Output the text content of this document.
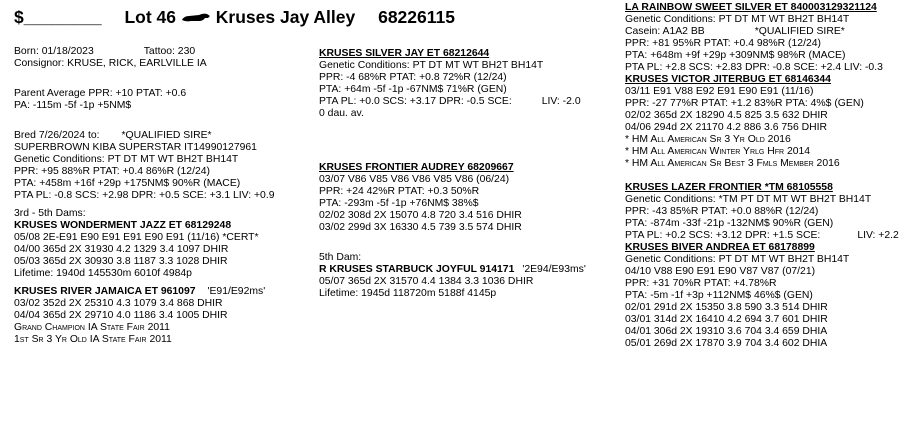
$________ Lot 46 Kruses Jay Alley 68226115

Born: 01/18/2023	Tattoo: 230

Consignor: KRUSE, RICK, EARLVILLE IA

Parent Average PPR: +10 PTAT: +0.6

PA: -115m -5f -1p +5NM$

Bred 7/26/2024 to: *QUALIFIED SIRE*

SUPERBROWN KIBA SUPERSTAR IT14990127961

Genetic Conditions: PT DT MT WT BH2T BH14T

PPR: +95 88%R PTAT: +0.4 86%R (12/24)

PTA: +458m +16f +29p +175NM$ 90%R (MACE)

PTA PL: -0.8 SCS: +2.98 DPR: +0.5 SCE: +3.1 LIV: +0.9

3rd - 5th Dams:

KRUSES WONDERMENT JAZZ ET 68129248

05/08 2E-E91 E90 E91 E91 E90 E91 (11/16) *CERT*

04/00 365d 2X 31930 4.2 1329 3.4 1097 DHIR

05/03 365d 2X 30930 3.8 1187 3.3 1028 DHIR

Lifetime: 1940d 145530m 6010f 4984p

KRUSES RIVER JAMAICA ET 961097 'E91/E92ms'

03/02 352d 2X 25310 4.3 1079 3.4 868 DHIR

04/04 365d 2X 29710 4.0 1186 3.4 1005 DHIR

Grand Champion IA State Fair 2011

1st Sr 3 Yr Old IA State Fair 2011

KRUSES SILVER JAY ET 68212644

Genetic Conditions: PT DT MT WT BH2T BH14T

PPR: -4 68%R PTAT: +0.8 72%R (12/24)

PTA: +64m -5f -1p -67NM$ 71%R (GEN)

PTA PL: +0.0 SCS: +3.17 DPR: -0.5 SCE:	LIV: -2.0

0 dau. av.

KRUSES FRONTIER AUDREY 68209667

03/07 V86 V85 V86 V86 V85 V86 (06/24)

PPR: +24 42%R PTAT: +0.3 50%R

PTA: -293m -5f -1p +76NM$ 38%$

02/02 308d 2X 15070 4.8 720 3.4 516 DHIR

03/02 299d 3X 16330 4.5 739 3.5 574 DHIR

5th Dam:

R KRUSES STARBUCK JOYFUL 914171 '2E94/E93ms'

05/07 365d 2X 31570 4.4 1384 3.3 1036 DHIR

Lifetime: 1945d 118720m 5188f 4145p

LA RAINBOW SWEET SILVER ET 840003129321124

Genetic Conditions: PT DT MT WT BH2T BH14T

Casein: A1A2 BB	*QUALIFIED SIRE*

PPR: +81 95%R PTAT: +0.4 98%R (12/24)

PTA: +648m +9f +29p +309NM$ 98%R (MACE)

PTA PL: +2.8 SCS: +2.83 DPR: -0.8 SCE: +2.4 LIV: -0.3

KRUSES VICTOR JITERBUG ET 68146344

03/11 E91 V88 E92 E91 E90 E91 (11/16)

PPR: -27 77%R PTAT: +1.2 83%R PTA: 4%$ (GEN)

02/02 365d 2X 18290 4.5 825 3.5 632 DHIR

04/06 294d 2X 21170 4.2 886 3.6 756 DHIR

* HM All American Sr 3 Yr Old 2016

* HM All American Winter Yrlg Hfr 2014

* HM All American Sr Best 3 Fmls Member 2016

KRUSES LAZER FRONTIER *TM 68105558

Genetic Conditions: *TM PT DT MT WT BH2T BH14T

PPR: -43 85%R PTAT: +0.0 88%R (12/24)

PTA: -874m -33f -21p -132NM$ 90%R (GEN)

PTA PL: +0.2 SCS: +3.12 DPR: +1.5 SCE:	LIV: +2.2

KRUSES BIVER ANDREA ET 68178899

Genetic Conditions: PT DT MT WT BH2T BH14T

04/10 V88 E90 E91 E90 V87 V87 (07/21)

PPR: +31 70%R PTAT: +4.78%R

PTA: -5m -1f +3p +112NM$ 46%$ (GEN)

02/01 291d 2X 15350 3.8 590 3.3 514 DHIR

03/01 314d 2X 16410 4.2 694 3.7 601 DHIR

04/01 306d 2X 19310 3.6 704 3.4 659 DHIA

05/01 269d 2X 17870 3.9 704 3.4 602 DHIA
